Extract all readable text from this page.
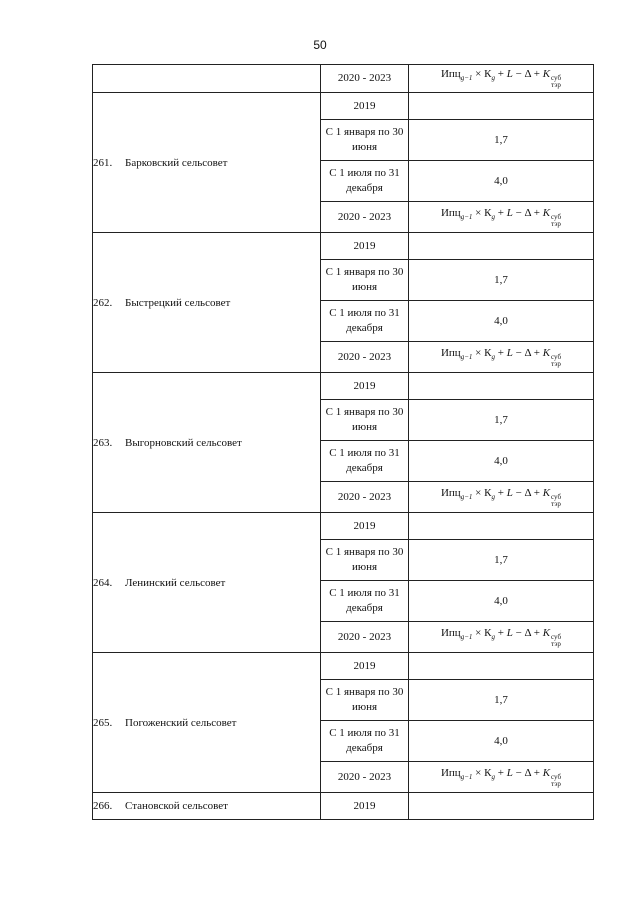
50
	2020 - 2023	$Ипц_{g-1} \times К_g + L - \Delta + К$ суб
тэр

261. Барковский сельсовет	2019	
	С 1 января по 30 июня	1,7
	С 1 июля по 31 декабря	4,0
	2020 - 2023	$Ипц_{g-1} \times К_g + L - \Delta + К$ суб
тэр

262. Быстрецкий сельсовет	2019	
	С 1 января по 30 июня	1,7
	С 1 июля по 31 декабря	4,0
	2020 - 2023	$Ипц_{g-1} \times К_g + L - \Delta + К$ суб
тэр

263. Выгорновский сельсовет	2019	
	С 1 января по 30 июня	1,7
	С 1 июля по 31 декабря	4,0
	2020 - 2023	$Ипц_{g-1} \times К_g + L - \Delta + К$ суб
тэр

264. Ленинский сельсовет	2019	
	С 1 января по 30 июня	1,7
	С 1 июля по 31 декабря	4,0
	2020 - 2023	$Ипц_{g-1} \times К_g + L - \Delta + К$ суб
тэр

265. Погоженский сельсовет	2019	
	С 1 января по 30 июня	1,7
	С 1 июля по 31 декабря	4,0
	2020 - 2023	$Ипц_{g-1} \times К_g + L - \Delta + К$ суб
тэр

266. Становской сельсовет	2019	
